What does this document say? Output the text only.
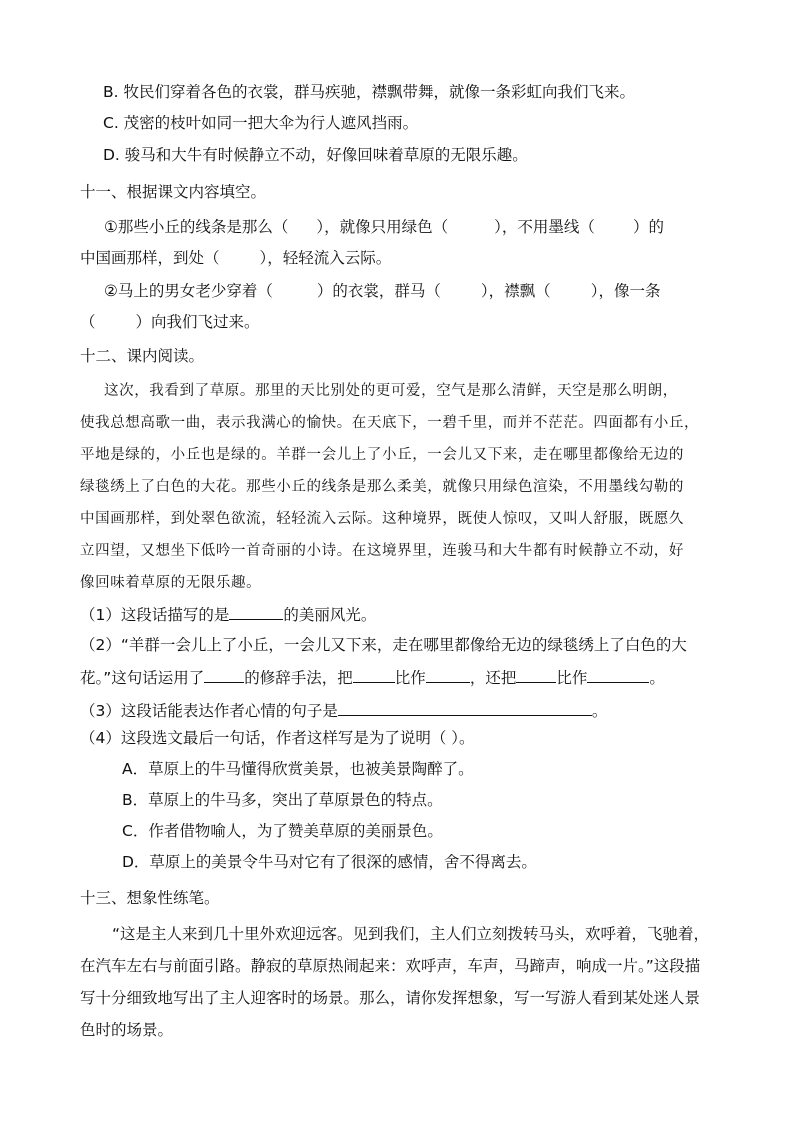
B. 牧民们穿着各色的衣裳，群马疾驰，襟飘带舞，就像一条彩虹向我们飞来。
C. 茂密的枝叶如同一把大伞为行人遮风挡雨。
D. 骏马和大牛有时候静立不动，好像回味着草原的无限乐趣。
十一、根据课文内容填空。
①那些小丘的线条是那么（ ），就像只用绿色（	），不用墨线（ ）的
中国画那样，到处（	），轻轻流入云际。
②马上的男女老少穿着（	）的衣裳，群马（	），襟飘（	），像一条
（	）向我们飞过来。
十二、课内阅读。
这次，我看到了草原。那里的天比别处的更可爱，空气是那么清鲜，天空是那么明朗，
使我总想高歌一曲，表示我满心的愉快。在天底下，一碧千里，而并不茫茫。四面都有小丘，
平地是绿的，小丘也是绿的。羊群一会儿上了小丘，一会儿又下来，走在哪里都像给无边的
绿毯绣上了白色的大花。那些小丘的线条是那么柔美，就像只用绿色渲染，不用墨线勾勒的
中国画那样，到处翠色欲流，轻轻流入云际。这种境界，既使人惊叹，又叫人舒服，既愿久
立四望，又想坐下低吟一首奇丽的小诗。在这境界里，连骏马和大牛都有时候静立不动，好
像回味着草原的无限乐趣。
（1）这段话描写的是	的美丽风光。
（2）“羊群一会儿上了小丘，一会儿又下来，走在哪里都像给无边的绿毯绣上了白色的大
花。”这句话运用了	的修辞手法，把	比作	，还把	比作	。
（3）这段话能表达作者心情的句子是	。
（4）这段选文最后一句话，作者这样写是为了说明（ ）。
A．草原上的牛马懂得欣赏美景，也被美景陶醉了。
B．草原上的牛马多，突出了草原景色的特点。
C．作者借物喻人，为了赞美草原的美丽景色。
D．草原上的美景令牛马对它有了很深的感情，舍不得离去。
十三、想象性练笔。
“这是主人来到几十里外欢迎远客。见到我们，主人们立刻拨转马头，欢呼着，飞驰着，
在汽车左右与前面引路。静寂的草原热闹起来：欢呼声，车声，马蹄声，响成一片。”这段描
写十分细致地写出了主人迎客时的场景。那么，请你发挥想象，写一写游人看到某处迷人景
色时的场景。
